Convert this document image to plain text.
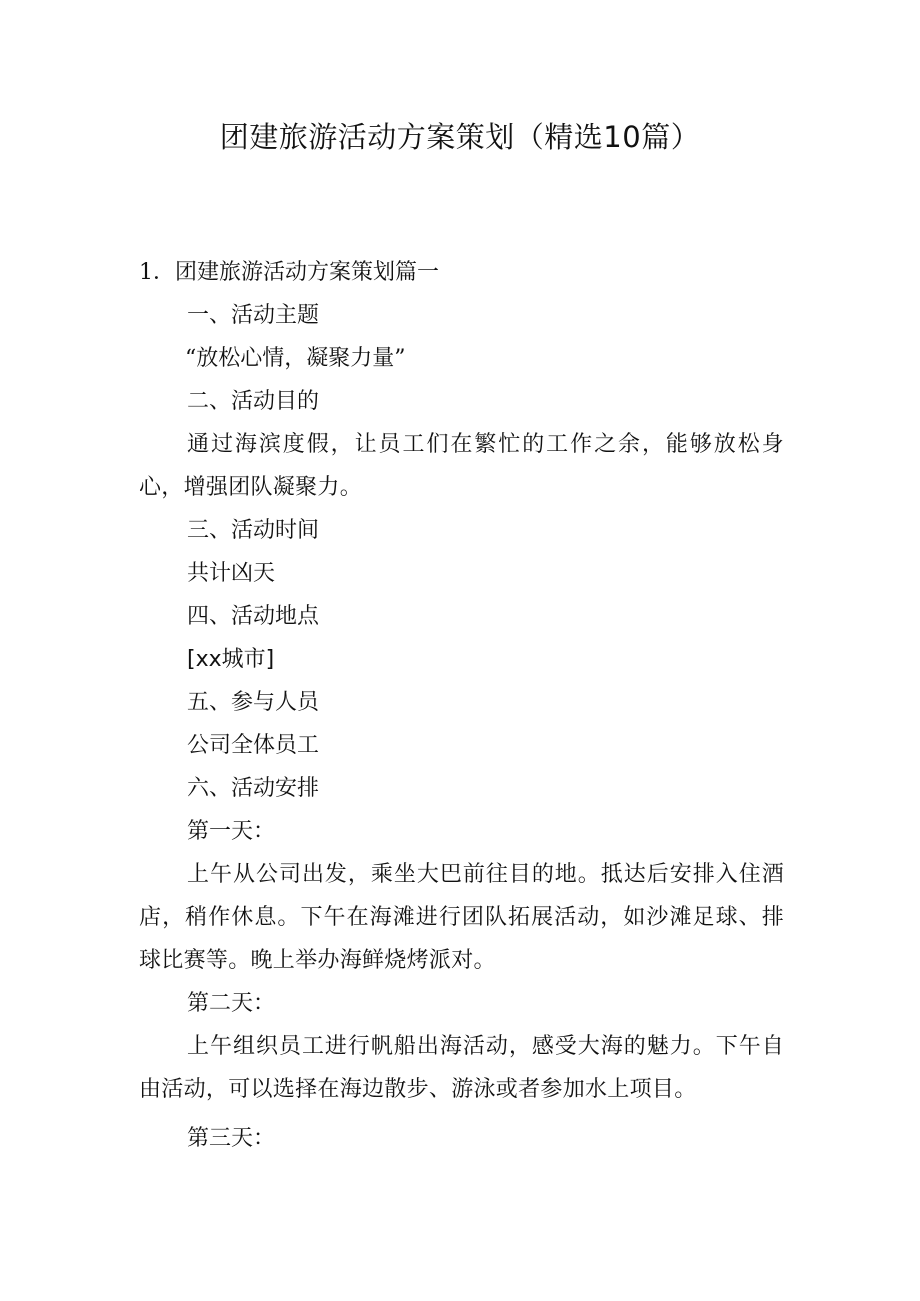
团建旅游活动方案策划（精选10篇）
1．团建旅游活动方案策划篇一
一、活动主题
“放松心情，凝聚力量”
二、活动目的
通过海滨度假，让员工们在繁忙的工作之余，能够放松身心，增强团队凝聚力。
三、活动时间
共计凶天
四、活动地点
[xx城市]
五、参与人员
公司全体员工
六、活动安排
第一天：
上午从公司出发，乘坐大巴前往目的地。抵达后安排入住酒店，稍作休息。下午在海滩进行团队拓展活动，如沙滩足球、排球比赛等。晚上举办海鲜烧烤派对。
第二天：
上午组织员工进行帆船出海活动，感受大海的魅力。下午自由活动，可以选择在海边散步、游泳或者参加水上项目。
第三天：
